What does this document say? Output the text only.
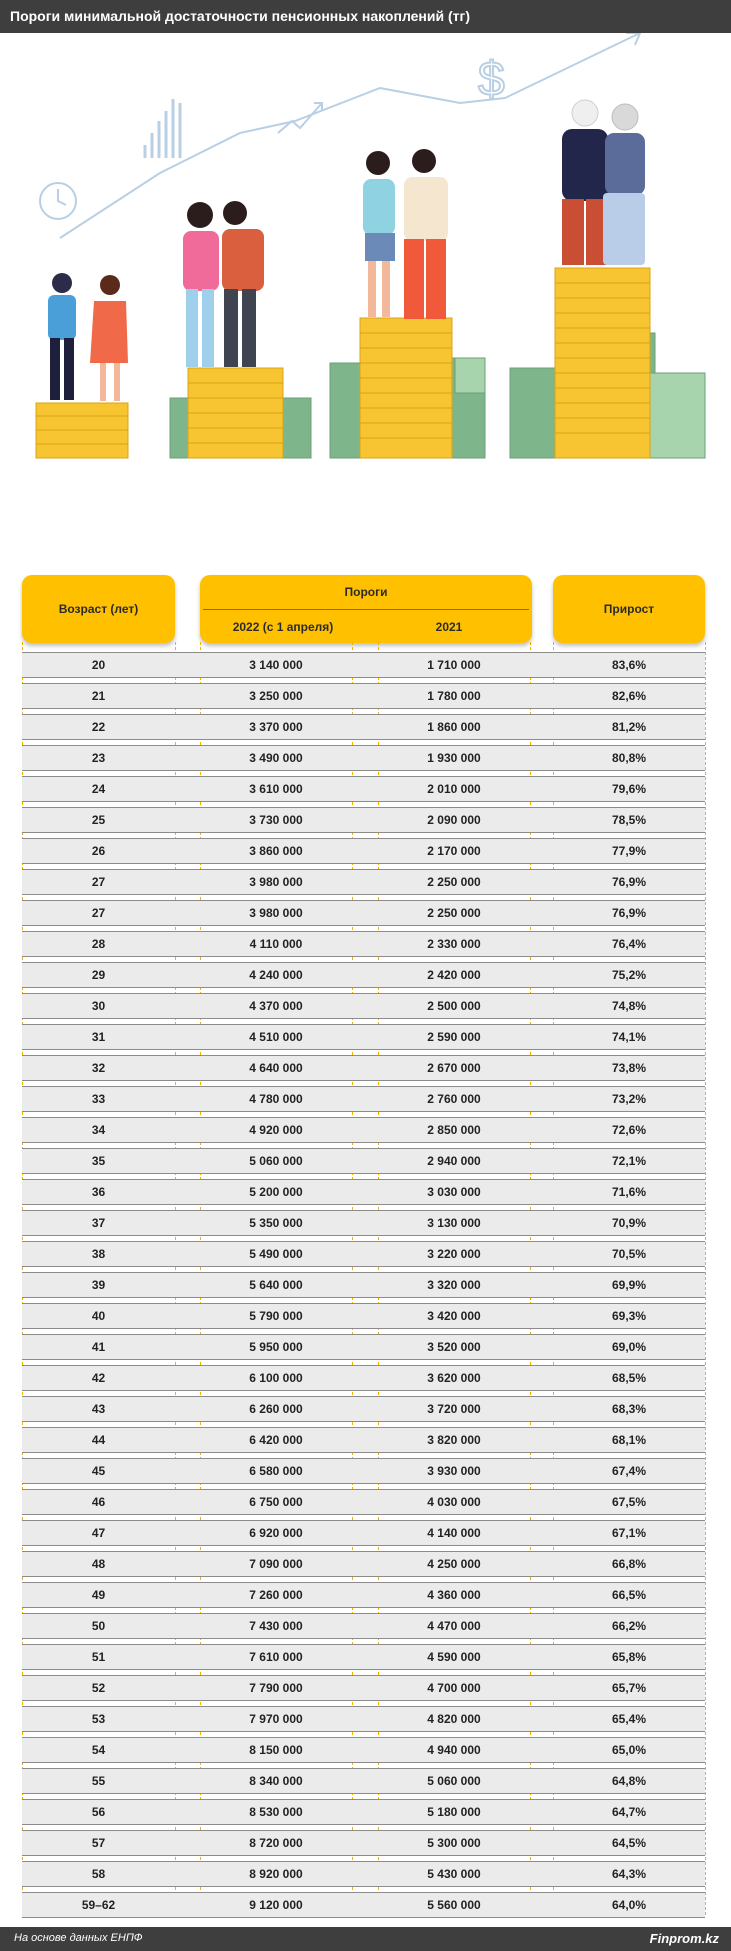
Пороги минимальной достаточности пенсионных накоплений (тг)
$
Возраст (лет)
Пороги
2022 (с 1 апреля)	2021
Прирост
20	3 140 000	1 710 000	83,6%
21	3 250 000	1 780 000	82,6%
22	3 370 000	1 860 000	81,2%
23	3 490 000	1 930 000	80,8%
24	3 610 000	2 010 000	79,6%
25	3 730 000	2 090 000	78,5%
26	3 860 000	2 170 000	77,9%
27	3 980 000	2 250 000	76,9%
27	3 980 000	2 250 000	76,9%
28	4 110 000	2 330 000	76,4%
29	4 240 000	2 420 000	75,2%
30	4 370 000	2 500 000	74,8%
31	4 510 000	2 590 000	74,1%
32	4 640 000	2 670 000	73,8%
33	4 780 000	2 760 000	73,2%
34	4 920 000	2 850 000	72,6%
35	5 060 000	2 940 000	72,1%
36	5 200 000	3 030 000	71,6%
37	5 350 000	3 130 000	70,9%
38	5 490 000	3 220 000	70,5%
39	5 640 000	3 320 000	69,9%
40	5 790 000	3 420 000	69,3%
41	5 950 000	3 520 000	69,0%
42	6 100 000	3 620 000	68,5%
43	6 260 000	3 720 000	68,3%
44	6 420 000	3 820 000	68,1%
45	6 580 000	3 930 000	67,4%
46	6 750 000	4 030 000	67,5%
47	6 920 000	4 140 000	67,1%
48	7 090 000	4 250 000	66,8%
49	7 260 000	4 360 000	66,5%
50	7 430 000	4 470 000	66,2%
51	7 610 000	4 590 000	65,8%
52	7 790 000	4 700 000	65,7%
53	7 970 000	4 820 000	65,4%
54	8 150 000	4 940 000	65,0%
55	8 340 000	5 060 000	64,8%
56	8 530 000	5 180 000	64,7%
57	8 720 000	5 300 000	64,5%
58	8 920 000	5 430 000	64,3%
59–62	9 120 000	5 560 000	64,0%
На основе данных ЕНПФ	Finprom.kz
